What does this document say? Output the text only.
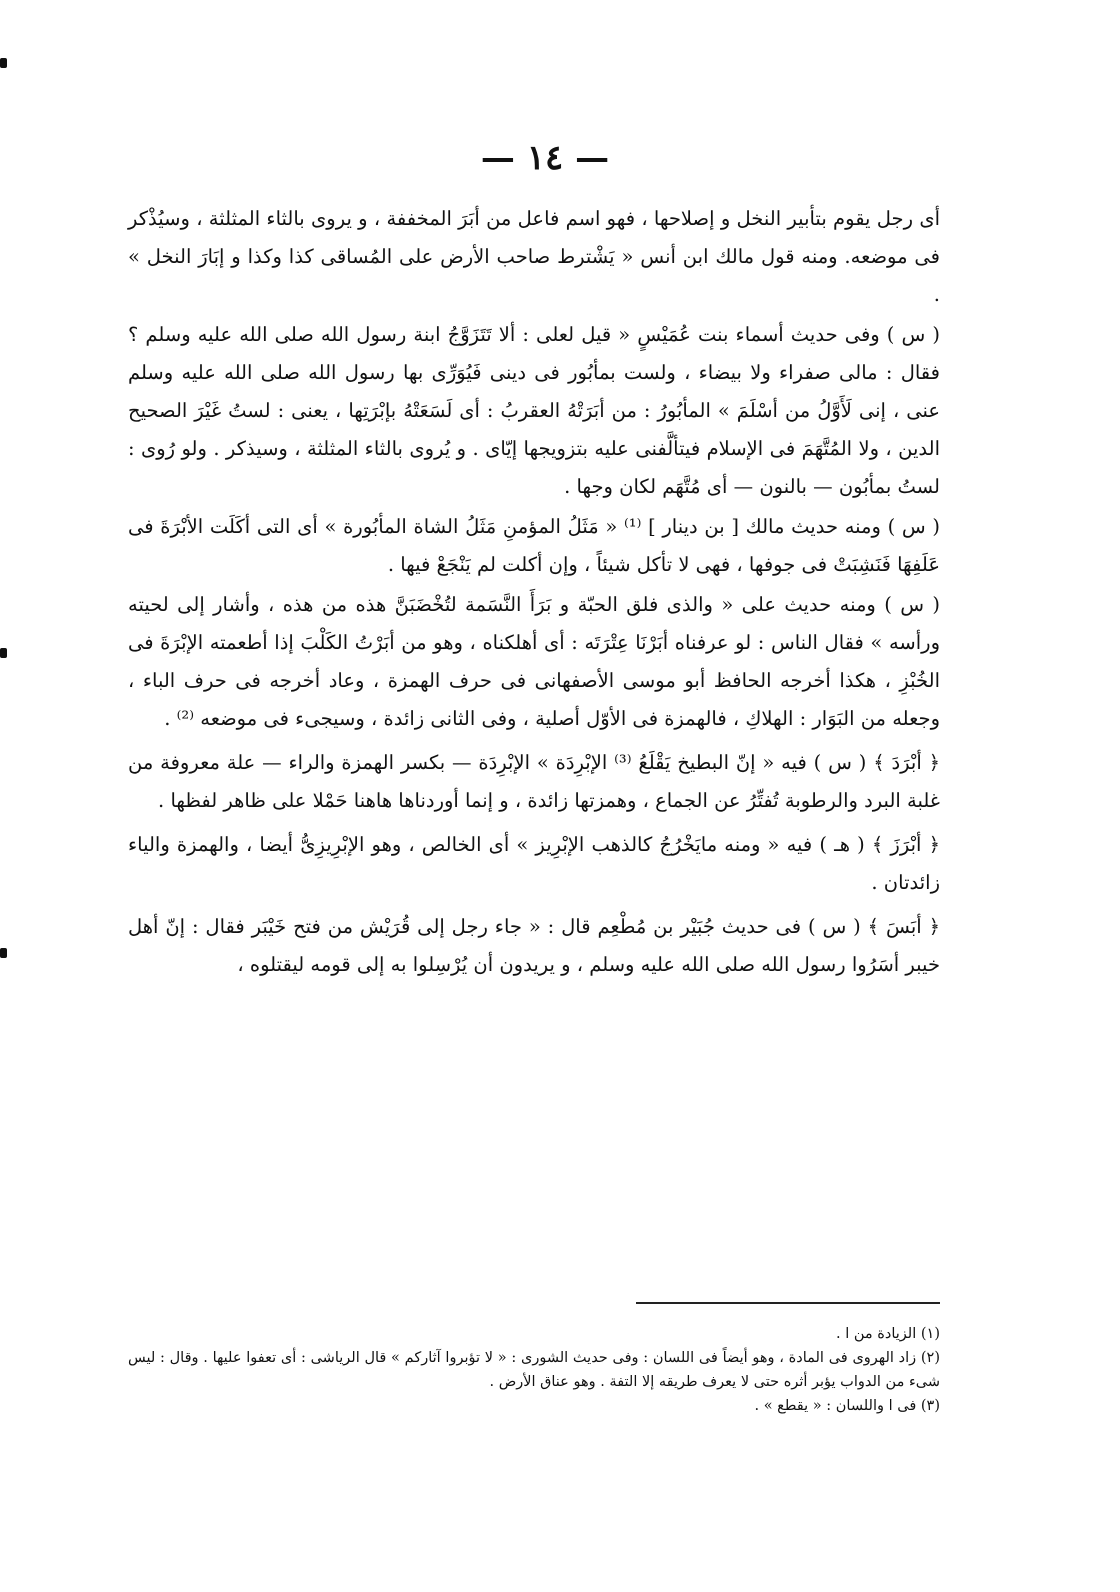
— ١٤ —

أى رجل يقوم بتأبير النخل و إصلاحها ، فهو اسم فاعل من أبَرَ المخففة ، و يروى بالثاء المثلثة ، وسيُذْكر فى موضعه. ومنه قول مالك ابن أنس « يَشْترط صاحب الأرض على المُساقى كذا وكذا و إبَارَ النخل » .

( س ) وفى حديث أسماء بنت عُمَيْسٍ « قيل لعلى : ألا تَتَزَوَّجُ ابنة رسول الله صلى الله عليه وسلم ؟ فقال : مالى صفراء ولا بيضاء ، ولست بمأبُور فى دينى فَيُوَرِّى بها رسول الله صلى الله عليه وسلم عنى ، إنى لَأَوَّلُ من أسْلَمَ » المأبُورُ : من أبَرَتْهُ العقربُ : أى لَسَعَتْهُ بإبْرَتِها ، يعنى : لستُ غَيْرَ الصحيح الدين ، ولا المُتَّهَمَ فى الإسلام فيتألَّفنى عليه بتزويجها إيّاى . و يُروى بالثاء المثلثة ، وسيذكر . ولو رُوى : لستُ بمأبُون — بالنون — أى مُتَّهَم لكان وجها .

( س ) ومنه حديث مالك [ بن دينار ] ⁽¹⁾ « مَثَلُ المؤمنِ مَثَلُ الشاة المأبُورة » أى التى أكَلَت الأبْرَةَ فى عَلَفِهَا فَنَشِبَتْ فى جوفها ، فهى لا تأكل شيئاً ، وإن أكلت لم يَنْجَعْ فيها .

( س ) ومنه حديث على « والذى فلق الحبّة و بَرَأَ النَّسَمة لتُخْضَبَنَّ هذه من هذه ، وأشار إلى لحيته ورأسه » فقال الناس : لو عرفناه أبَرْنَا عِتْرَتَه : أى أهلكناه ، وهو من أبَرْتُ الكَلْبَ إذا أطعمته الإبْرَةَ فى الخُبْزِ ، هكذا أخرجه الحافظ أبو موسى الأصفهانى فى حرف الهمزة ، وعاد أخرجه فى حرف الباء ، وجعله من البَوَار : الهلاكِ ، فالهمزة فى الأوّل أصلية ، وفى الثانى زائدة ، وسيجىء فى موضعه ⁽²⁾ .

﴿ أبْرَدَ ﴾ ( س ) فيه « إنّ البطيخ يَقْلَعُ ⁽³⁾ الإبْرِدَة » الإبْرِدَة — بكسر الهمزة والراء — علة معروفة من غلبة البرد والرطوبة تُفتِّرُ عن الجماع ، وهمزتها زائدة ، و إنما أوردناها هاهنا حَمْلا على ظاهر لفظها .

﴿ أبْرَزَ ﴾ ( هـ ) فيه « ومنه مايَخْرُجُ كالذهب الإبْرِيز » أى الخالص ، وهو الإبْرِيزِىُّ أيضا ، والهمزة والياء زائدتان .

﴿ أبَسَ ﴾ ( س ) فى حديث جُبَيْر بن مُطْعِم قال : « جاء رجل إلى قُرَيْش من فتح خَيْبَر فقال : إنّ أهل خيبر أسَرُوا رسول الله صلى الله عليه وسلم ، و يريدون أن يُرْسِلوا به إلى قومه ليقتلوه ،

(١) الزيادة من ا .

(٢) زاد الهروى فى المادة ، وهو أيضاً فى اللسان : وفى حديث الشورى : « لا تؤبروا آثاركم » قال الرياشى : أى تعفوا عليها . وقال : ليس شىء من الدواب يؤبر أثره حتى لا يعرف طريقه إلا التفة . وهو عناق الأرض .

(٣) فى ا واللسان : « يقطع » .
